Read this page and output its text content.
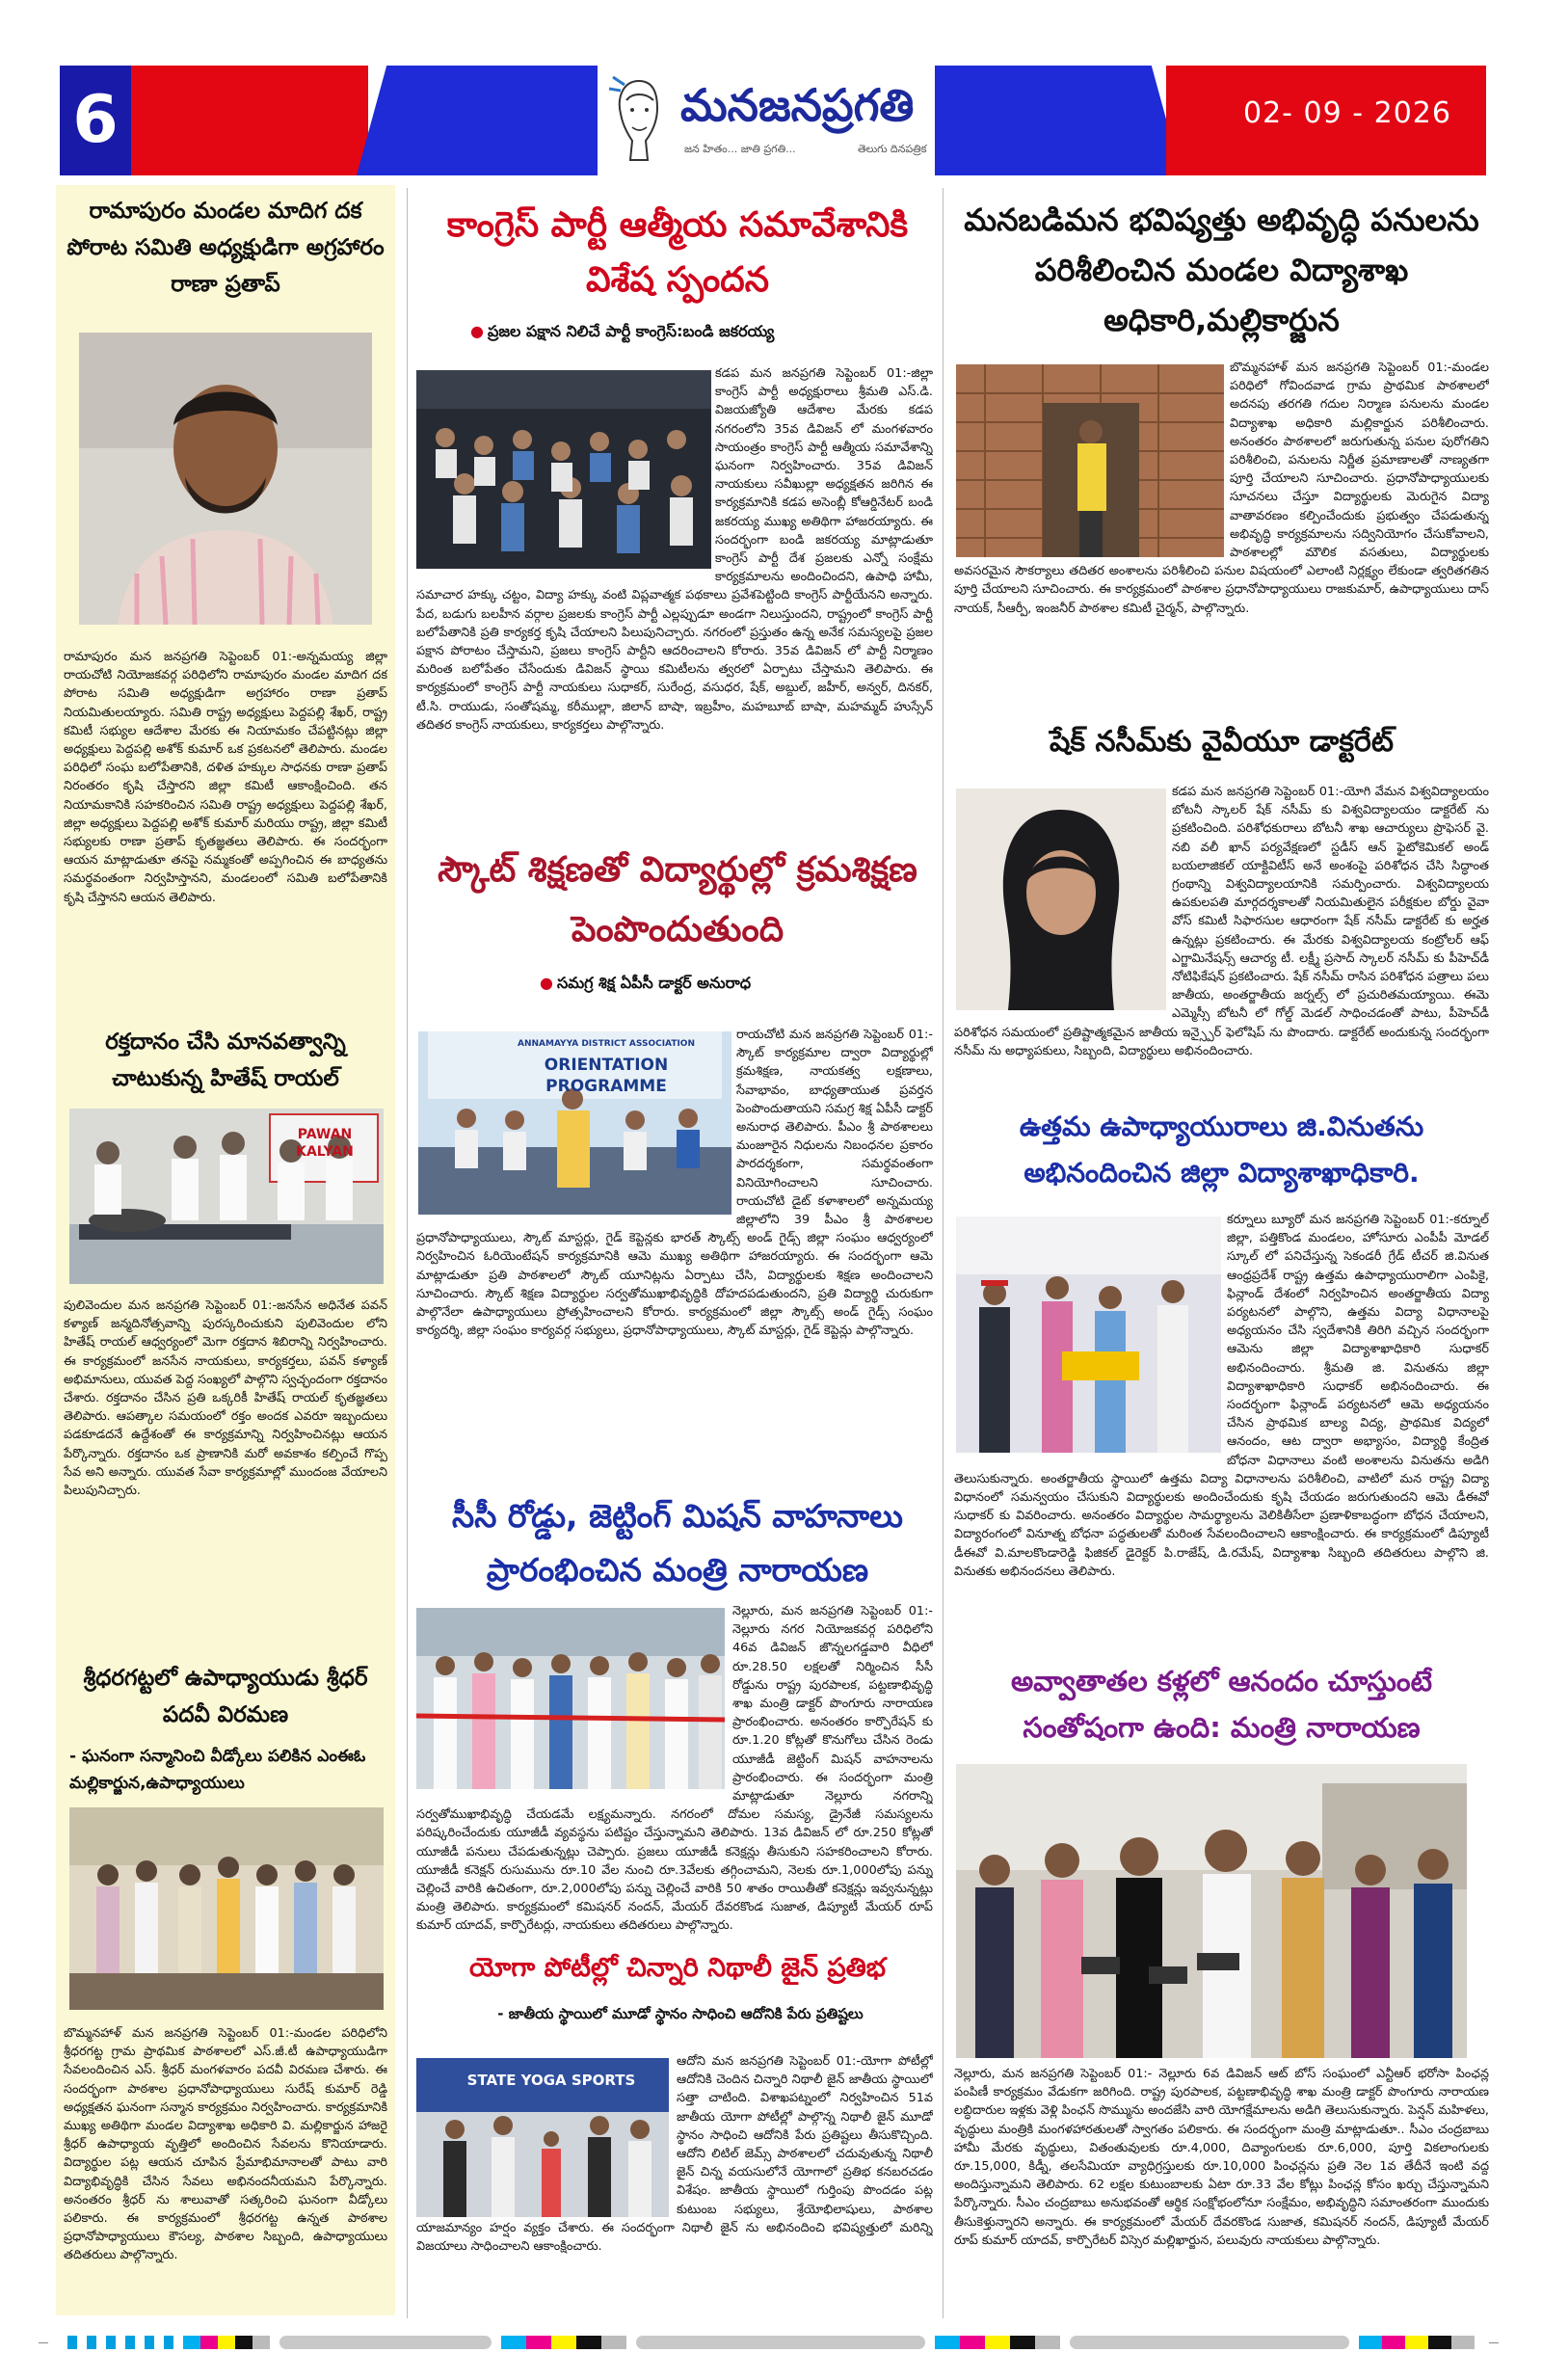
6	మనజనప్రగతి
జన హితం... జాతి ప్రగతి...	తెలుగు దినపత్రిక
02- 09 - 2026
రామాపురం మండల మాదిగ దక పోరాట సమితి అధ్యక్షుడిగా అగ్రహారం రాణా ప్రతాప్
రామాపురం మన జనప్రగతి సెప్టెంబర్ 01:-అన్నమయ్య జిల్లా రాయచోటి నియోజకవర్గ పరిధిలోని రామాపురం మండల మాదిగ దక పోరాట సమితి అధ్యక్షుడిగా అగ్రహారం రాణా ప్రతాప్ నియమితులయ్యారు. సమితి రాష్ట్ర అధ్యక్షులు పెద్దపల్లి శేఖర్, రాష్ట్ర కమిటీ సభ్యుల ఆదేశాల మేరకు ఈ నియామకం చేపట్టినట్లు జిల్లా అధ్యక్షులు పెద్దపల్లి అశోక్ కుమార్ ఒక ప్రకటనలో తెలిపారు. మండల పరిధిలో సంఘ బలోపేతానికి, దళిత హక్కుల సాధనకు రాణా ప్రతాప్ నిరంతరం కృషి చేస్తారని జిల్లా కమిటీ ఆకాంక్షించింది. తన నియామకానికి సహకరించిన సమితి రాష్ట్ర అధ్యక్షులు పెద్దపల్లి శేఖర్, జిల్లా అధ్యక్షులు పెద్దపల్లి అశోక్ కుమార్ మరియు రాష్ట్ర, జిల్లా కమిటీ సభ్యులకు రాణా ప్రతాప్ కృతజ్ఞతలు తెలిపారు. ఈ సందర్భంగా ఆయన మాట్లాడుతూ తనపై నమ్మకంతో అప్పగించిన ఈ బాధ్యతను సమర్థవంతంగా నిర్వహిస్తానని, మండలంలో సమితి బలోపేతానికి కృషి చేస్తానని ఆయన తెలిపారు.
రక్తదానం చేసి మానవత్వాన్ని చాటుకున్న హితేష్ రాయల్
PAWAN KALYAN
పులివెందుల మన జనప్రగతి సెప్టెంబర్ 01:-జనసేన అధినేత పవన్ కళ్యాణ్ జన్మదినోత్సవాన్ని పురస్కరించుకుని పులివెందుల లోని హితేష్ రాయల్ ఆధ్వర్యంలో మెగా రక్తదాన శిబిరాన్ని నిర్వహించారు. ఈ కార్యక్రమంలో జనసేన నాయకులు, కార్యకర్తలు, పవన్ కళ్యాణ్ అభిమానులు, యువత పెద్ద సంఖ్యలో పాల్గొని స్వచ్ఛందంగా రక్తదానం చేశారు. రక్తదానం చేసిన ప్రతి ఒక్కరికీ హితేష్ రాయల్ కృతజ్ఞతలు తెలిపారు. ఆపత్కాల సమయంలో రక్తం అందక ఎవరూ ఇబ్బందులు పడకూడదనే ఉద్దేశంతో ఈ కార్యక్రమాన్ని నిర్వహించినట్లు ఆయన పేర్కొన్నారు. రక్తదానం ఒక ప్రాణానికి మరో అవకాశం కల్పించే గొప్ప సేవ అని అన్నారు. యువత సేవా కార్యక్రమాల్లో ముందంజ వేయాలని పిలుపునిచ్చారు.
శ్రీధరగట్టలో ఉపాధ్యాయుడు శ్రీధర్ పదవీ విరమణ
- ఘనంగా సన్మానించి వీడ్కోలు పలికిన ఎంఈఓ మల్లికార్జున,ఉపాధ్యాయులు
బొమ్మనహాళ్ మన జనప్రగతి సెప్టెంబర్ 01:-మండల పరిధిలోని శ్రీధరగట్ట గ్రామ ప్రాథమిక పాఠశాలలో ఎస్.జీ.టీ ఉపాధ్యాయుడిగా సేవలందించిన ఎస్. శ్రీధర్ మంగళవారం పదవీ విరమణ చేశారు. ఈ సందర్భంగా పాఠశాల ప్రధానోపాధ్యాయులు సురేష్ కుమార్ రెడ్డి అధ్యక్షతన ఘనంగా సన్మాన కార్యక్రమం నిర్వహించారు. కార్యక్రమానికి ముఖ్య అతిథిగా మండల విద్యాశాఖ అధికారి వి. మల్లికార్జున హాజరై శ్రీధర్ ఉపాధ్యాయ వృత్తిలో అందించిన సేవలను కొనియాడారు. విద్యార్థుల పట్ల ఆయన చూపిన ప్రేమాభిమానాలతో పాటు వారి విద్యాభివృద్ధికి చేసిన సేవలు అభినందనీయమని పేర్కొన్నారు. అనంతరం శ్రీధర్ ను శాలువాతో సత్కరించి ఘనంగా వీడ్కోలు పలికారు. ఈ కార్యక్రమంలో శ్రీధరగట్ట ఉన్నత పాఠశాల ప్రధానోపాధ్యాయులు కౌసల్య, పాఠశాల సిబ్బంది, ఉపాధ్యాయులు తదితరులు పాల్గొన్నారు.
కాంగ్రెస్ పార్టీ ఆత్మీయ సమావేశానికి విశేష స్పందన
● ప్రజల పక్షాన నిలిచే పార్టీ కాంగ్రెస్:బండి జకరయ్య
కడప మన జనప్రగతి సెప్టెంబర్ 01:-జిల్లా కాంగ్రెస్ పార్టీ అధ్యక్షురాలు శ్రీమతి ఎస్.డి. విజయజ్యోతి ఆదేశాల మేరకు కడప నగరంలోని 35వ డివిజన్ లో మంగళవారం సాయంత్రం కాంగ్రెస్ పార్టీ ఆత్మీయ సమావేశాన్ని ఘనంగా నిర్వహించారు. 35వ డివిజన్ నాయకులు సవీఖుల్లా అధ్యక్షతన జరిగిన ఈ కార్యక్రమానికి కడప అసెంబ్లీ కోఆర్డినేటర్ బండి జకరయ్య ముఖ్య అతిథిగా హాజరయ్యారు. ఈ సందర్భంగా బండి జకరయ్య మాట్లాడుతూ కాంగ్రెస్ పార్టీ దేశ ప్రజలకు ఎన్నో సంక్షేమ కార్యక్రమాలను అందించిందని, ఉపాధి హామీ, సమాచార హక్కు చట్టం, విద్యా హక్కు వంటి విప్లవాత్మక పథకాలు ప్రవేశపెట్టింది కాంగ్రెస్ పార్టీయేనని అన్నారు. పేద, బడుగు బలహీన వర్గాల ప్రజలకు కాంగ్రెస్ పార్టీ ఎల్లప్పుడూ అండగా నిలుస్తుందని, రాష్ట్రంలో కాంగ్రెస్ పార్టీ బలోపేతానికి ప్రతి కార్యకర్త కృషి చేయాలని పిలుపునిచ్చారు. నగరంలో ప్రస్తుతం ఉన్న అనేక సమస్యలపై ప్రజల పక్షాన పోరాటం చేస్తామని, ప్రజలు కాంగ్రెస్ పార్టీని ఆదరించాలని కోరారు. 35వ డివిజన్ లో పార్టీ నిర్మాణం మరింత బలోపేతం చేసేందుకు డివిజన్ స్థాయి కమిటీలను త్వరలో ఏర్పాటు చేస్తామని తెలిపారు. ఈ కార్యక్రమంలో కాంగ్రెస్ పార్టీ నాయకులు సుధాకర్, సురేంద్ర, వసుధర, షేక్, అబ్దుల్, జహీర్, అన్వర్, దినకర్, టీ.సి. రాయుడు, సంతోషమ్మ, కరీముల్లా, జిలాన్ బాషా, ఇబ్రహీం, మహబూబ్ బాషా, మహమ్మద్ హుస్సేన్ తదితర కాంగ్రెస్ నాయకులు, కార్యకర్తలు పాల్గొన్నారు.
స్కౌట్ శిక్షణతో విద్యార్థుల్లో క్రమశిక్షణ పెంపొందుతుంది
● సమగ్ర శిక్ష ఏపీసీ డాక్టర్ అనురాధ
ANNAMAYYA DISTRICT ASSOCIATION
ORIENTATION PROGRAMME
రాయచోటి మన జనప్రగతి సెప్టెంబర్ 01:-స్కౌట్ కార్యక్రమాల ద్వారా విద్యార్థుల్లో క్రమశిక్షణ, నాయకత్వ లక్షణాలు, సేవాభావం, బాధ్యతాయుత ప్రవర్తన పెంపొందుతాయని సమగ్ర శిక్ష ఏపీసీ డాక్టర్ అనురాధ తెలిపారు. పీఎం శ్రీ పాఠశాలలు మంజూరైన నిధులను నిబంధనల ప్రకారం పారదర్శకంగా, సమర్థవంతంగా వినియోగించాలని సూచించారు. రాయచోటి డైట్ కళాశాలలో అన్నమయ్య జిల్లాలోని 39 పీఎం శ్రీ పాఠశాలల ప్రధానోపాధ్యాయులు, స్కౌట్ మాస్టర్లు, గైడ్ కెప్టెన్లకు భారత్ స్కౌట్స్ అండ్ గైడ్స్ జిల్లా సంఘం ఆధ్వర్యంలో నిర్వహించిన ఓరియెంటేషన్ కార్యక్రమానికి ఆమె ముఖ్య అతిథిగా హాజరయ్యారు. ఈ సందర్భంగా ఆమె మాట్లాడుతూ ప్రతి పాఠశాలలో స్కౌట్ యూనిట్లను ఏర్పాటు చేసి, విద్యార్థులకు శిక్షణ అందించాలని సూచించారు. స్కౌట్ శిక్షణ విద్యార్థుల సర్వతోముఖాభివృద్ధికి దోహదపడుతుందని, ప్రతి విద్యార్థి చురుకుగా పాల్గొనేలా ఉపాధ్యాయులు ప్రోత్సహించాలని కోరారు. కార్యక్రమంలో జిల్లా స్కౌట్స్ అండ్ గైడ్స్ సంఘం కార్యదర్శి, జిల్లా సంఘం కార్యవర్గ సభ్యులు, ప్రధానోపాధ్యాయులు, స్కౌట్ మాస్టర్లు, గైడ్ కెప్టెన్లు పాల్గొన్నారు.
సీసీ రోడ్డు, జెట్టింగ్ మిషన్ వాహనాలు ప్రారంభించిన మంత్రి నారాయణ
నెల్లూరు, మన జనప్రగతి సెప్టెంబర్ 01:-నెల్లూరు నగర నియోజకవర్గ పరిధిలోని 46వ డివిజన్ జొన్నలగడ్డవారి వీధిలో రూ.28.50 లక్షలతో నిర్మించిన సీసీ రోడ్డును రాష్ట్ర పురపాలక, పట్టణాభివృద్ధి శాఖ మంత్రి డాక్టర్ పొంగూరు నారాయణ ప్రారంభించారు. అనంతరం కార్పొరేషన్ కు రూ.1.20 కోట్లతో కొనుగోలు చేసిన రెండు యూజీడీ జెట్టింగ్ మిషన్ వాహనాలను ప్రారంభించారు. ఈ సందర్భంగా మంత్రి మాట్లాడుతూ నెల్లూరు నగరాన్ని సర్వతోముఖాభివృద్ధి చేయడమే లక్ష్యమన్నారు. నగరంలో దోమల సమస్య, డ్రైనేజీ సమస్యలను పరిష్కరించేందుకు యూజీడీ వ్యవస్థను పటిష్టం చేస్తున్నామని తెలిపారు. 13వ డివిజన్ లో రూ.250 కోట్లతో యూజీడీ పనులు చేపడుతున్నట్లు చెప్పారు. ప్రజలు యూజీడీ కనెక్షన్లు తీసుకుని సహకరించాలని కోరారు. యూజీడీ కనెక్షన్ రుసుమును రూ.10 వేల నుంచి రూ.3వేలకు తగ్గించామని, నెలకు రూ.1,000లోపు పన్ను చెల్లించే వారికి ఉచితంగా, రూ.2,000లోపు పన్ను చెల్లించే వారికి 50 శాతం రాయితీతో కనెక్షన్లు ఇవ్వనున్నట్లు మంత్రి తెలిపారు. కార్యక్రమంలో కమిషనర్ నందన్, మేయర్ దేవరకొండ సుజాత, డిప్యూటీ మేయర్ రూప్ కుమార్ యాదవ్, కార్పొరేటర్లు, నాయకులు తదితరులు పాల్గొన్నారు.
యోగా పోటీల్లో చిన్నారి నిథాలీ జైన్ ప్రతిభ
- జాతీయ స్థాయిలో మూడో స్థానం సాధించి ఆదోనికి పేరు ప్రతిష్టలు
STATE YOGA SPORTS
ఆదోని మన జనప్రగతి సెప్టెంబర్ 01:-యోగా పోటీల్లో ఆదోనికి చెందిన చిన్నారి నిథాలీ జైన్ జాతీయ స్థాయిలో సత్తా చాటింది. విశాఖపట్నంలో నిర్వహించిన 51వ జాతీయ యోగా పోటీల్లో పాల్గొన్న నిథాలీ జైన్ మూడో స్థానం సాధించి ఆదోనికి పేరు ప్రతిష్టలు తీసుకొచ్చింది. ఆదోని లిటిల్ జెమ్స్ పాఠశాలలో చదువుతున్న నిథాలీ జైన్ చిన్న వయసులోనే యోగాలో ప్రతిభ కనబరచడం విశేషం. జాతీయ స్థాయిలో గుర్తింపు పొందడం పట్ల కుటుంబ సభ్యులు, శ్రేయోభిలాషులు, పాఠశాల యాజమాన్యం హర్షం వ్యక్తం చేశారు. ఈ సందర్భంగా నిథాలీ జైన్ ను అభినందించి భవిష్యత్తులో మరిన్ని విజయాలు సాధించాలని ఆకాంక్షించారు.
మనబడిమన భవిష్యత్తు అభివృద్ధి పనులను పరిశీలించిన మండల విద్యాశాఖ అధికారి,మల్లికార్జున
బొమ్మనహాళ్ మన జనప్రగతి సెప్టెంబర్ 01:-మండల పరిధిలో గోవిందవాడ గ్రామ ప్రాథమిక పాఠశాలలో అదనపు తరగతి గదుల నిర్మాణ పనులను మండల విద్యాశాఖ అధికారి మల్లికార్జున పరిశీలించారు. అనంతరం పాఠశాలలో జరుగుతున్న పనుల పురోగతిని పరిశీలించి, పనులను నిర్ణీత ప్రమాణాలతో నాణ్యతగా పూర్తి చేయాలని సూచించారు. ప్రధానోపాధ్యాయులకు సూచనలు చేస్తూ విద్యార్థులకు మెరుగైన విద్యా వాతావరణం కల్పించేందుకు ప్రభుత్వం చేపడుతున్న అభివృద్ధి కార్యక్రమాలను సద్వినియోగం చేసుకోవాలని, పాఠశాలల్లో మౌలిక వసతులు, విద్యార్థులకు అవసరమైన సౌకర్యాలు తదితర అంశాలను పరిశీలించి పనుల విషయంలో ఎలాంటి నిర్లక్ష్యం లేకుండా త్వరితగతిన పూర్తి చేయాలని సూచించారు. ఈ కార్యక్రమంలో పాఠశాల ప్రధానోపాధ్యాయులు రాజకుమార్, ఉపాధ్యాయులు దాస్ నాయక్, సీఆర్పీ, ఇంజనీర్ పాఠశాల కమిటీ చైర్మన్, పాల్గొన్నారు.
షేక్ నసీమ్‌కు వైవీయూ డాక్టరేట్
కడప మన జనప్రగతి సెప్టెంబర్ 01:-యోగి వేమన విశ్వవిద్యాలయం బోటనీ స్కాలర్ షేక్ నసీమ్ కు విశ్వవిద్యాలయం డాక్టరేట్ ను ప్రకటించింది. పరిశోధకురాలు బోటనీ శాఖ ఆచార్యులు ప్రొఫెసర్ వై. నబి వలీ ఖాన్ పర్యవేక్షణలో స్టడీస్ ఆన్ ఫైటోకెమికల్ అండ్ బయలాజికల్ యాక్టివిటీస్ అనే అంశంపై పరిశోధన చేసి సిద్ధాంత గ్రంథాన్ని విశ్వవిద్యాలయానికి సమర్పించారు. విశ్వవిద్యాలయ ఉపకులపతి మార్గదర్శకాలతో నియమితులైన పరీక్షకుల బోర్డు వైవా వోస్ కమిటీ సిఫారసుల ఆధారంగా షేక్ నసీమ్ డాక్టరేట్ కు అర్హత ఉన్నట్లు ప్రకటించారు. ఈ మేరకు విశ్వవిద్యాలయ కంట్రోలర్ ఆఫ్ ఎగ్జామినేషన్స్ ఆచార్య టీ. లక్ష్మీ ప్రసాద్ స్కాలర్ నసీమ్ కు పీహెచ్‌డీ నోటిఫికేషన్ ప్రకటించారు. షేక్ నసీమ్ రాసిన పరిశోధన పత్రాలు పలు జాతీయ, అంతర్జాతీయ జర్నల్స్ లో ప్రచురితమయ్యాయి. ఈమె ఎమ్మెస్సీ బోటనీ లో గోల్డ్ మెడల్ సాధించడంతో పాటు, పీహెచ్‌డీ పరిశోధన సమయంలో ప్రతిష్టాత్మకమైన జాతీయ ఇన్స్పైర్ ఫెలోషిప్ ను పొందారు. డాక్టరేట్ అందుకున్న సందర్భంగా నసీమ్ ను అధ్యాపకులు, సిబ్బంది, విద్యార్థులు అభినందించారు.
ఉత్తమ ఉపాధ్యాయురాలు జి.వినుతను అభినందించిన జిల్లా విద్యాశాఖాధికారి.
కర్నూలు బ్యూరో మన జనప్రగతి సెప్టెంబర్ 01:-కర్నూల్ జిల్లా, పత్తికొండ మండలం, హోసూరు ఎంపీపీ మోడల్ స్కూల్ లో పనిచేస్తున్న సెకండరీ గ్రేడ్ టీచర్ జి.వినుత ఆంధ్రప్రదేశ్ రాష్ట్ర ఉత్తమ ఉపాధ్యాయురాలిగా ఎంపికై, ఫిన్లాండ్ దేశంలో నిర్వహించిన అంతర్జాతీయ విద్యా పర్యటనలో పాల్గొని, ఉత్తమ విద్యా విధానాలపై అధ్యయనం చేసి స్వదేశానికి తిరిగి వచ్చిన సందర్భంగా ఆమెను జిల్లా విద్యాశాఖాధికారి సుధాకర్ అభినందించారు. శ్రీమతి జి. వినుతను జిల్లా విద్యాశాఖాధికారి సుధాకర్ అభినందించారు. ఈ సందర్భంగా ఫిన్లాండ్ పర్యటనలో ఆమె అధ్యయనం చేసిన ప్రాథమిక బాల్య విద్య, ప్రాథమిక విద్యలో ఆనందం, ఆట ద్వారా అభ్యాసం, విద్యార్థి కేంద్రిత బోధనా విధానాలు వంటి అంశాలను వినుతను అడిగి తెలుసుకున్నారు. అంతర్జాతీయ స్థాయిలో ఉత్తమ విద్యా విధానాలను పరిశీలించి, వాటిలో మన రాష్ట్ర విద్యా విధానంలో సమన్వయం చేసుకుని విద్యార్థులకు అందించేందుకు కృషి చేయడం జరుగుతుందని ఆమె డీఈవో సుధాకర్ కు వివరించారు. అనంతరం విద్యార్థుల సామర్థ్యాలను వెలికితీసేలా ప్రణాళికాబద్ధంగా బోధన చేయాలని, విద్యారంగంలో వినూత్న బోధనా పద్ధతులతో మరింత సేవలందించాలని ఆకాంక్షించారు. ఈ కార్యక్రమంలో డిప్యూటీ డీఈవో వి.మాలకొండారెడ్డి ఫిజికల్ డైరెక్టర్ పి.రాజేష్, డి.రమేష్, విద్యాశాఖ సిబ్బంది తదితరులు పాల్గొని జి. వినుతకు అభినందనలు తెలిపారు.
అవ్వాతాతల కళ్లలో ఆనందం చూస్తుంటే సంతోషంగా ఉంది: మంత్రి నారాయణ
నెల్లూరు, మన జనప్రగతి సెప్టెంబర్ 01:- నెల్లూరు 6వ డివిజన్ ఆట్ బోస్ సంఘంలో ఎన్టీఆర్ భరోసా పింఛన్ల పంపిణీ కార్యక్రమం వేడుకగా జరిగింది. రాష్ట్ర పురపాలక, పట్టణాభివృద్ధి శాఖ మంత్రి డాక్టర్ పొంగూరు నారాయణ లబ్ధిదారుల ఇళ్లకు వెళ్లి పింఛన్ సొమ్మును అందజేసి వారి యోగక్షేమాలను అడిగి తెలుసుకున్నారు. పెన్షన్ మహిళలు, వృద్ధులు మంత్రికి మంగళహారతులతో స్వాగతం పలికారు. ఈ సందర్భంగా మంత్రి మాట్లాడుతూ.. సీఎం చంద్రబాబు హామీ మేరకు వృద్ధులు, వితంతువులకు రూ.4,000, దివ్యాంగులకు రూ.6,000, పూర్తి వికలాంగులకు రూ.15,000, కిడ్నీ, తలసేమియా వ్యాధిగ్రస్తులకు రూ.10,000 పింఛన్లను ప్రతి నెల 1వ తేదీనే ఇంటి వద్ద అందిస్తున్నామని తెలిపారు. 62 లక్షల కుటుంబాలకు ఏటా రూ.33 వేల కోట్లు పింఛన్ల కోసం ఖర్చు చేస్తున్నామని పేర్కొన్నారు. సీఎం చంద్రబాబు అనుభవంతో ఆర్థిక సంక్షోభంలోనూ సంక్షేమం, అభివృద్ధిని సమాంతరంగా ముందుకు తీసుకెళ్తున్నారని అన్నారు. ఈ కార్యక్రమంలో మేయర్ దేవరకొండ సుజాత, కమిషనర్ నందన్, డిప్యూటీ మేయర్ రూప్ కుమార్ యాదవ్, కార్పొరేటర్ విస్సెర మల్లిఖార్జున, పలువురు నాయకులు పాల్గొన్నారు.
